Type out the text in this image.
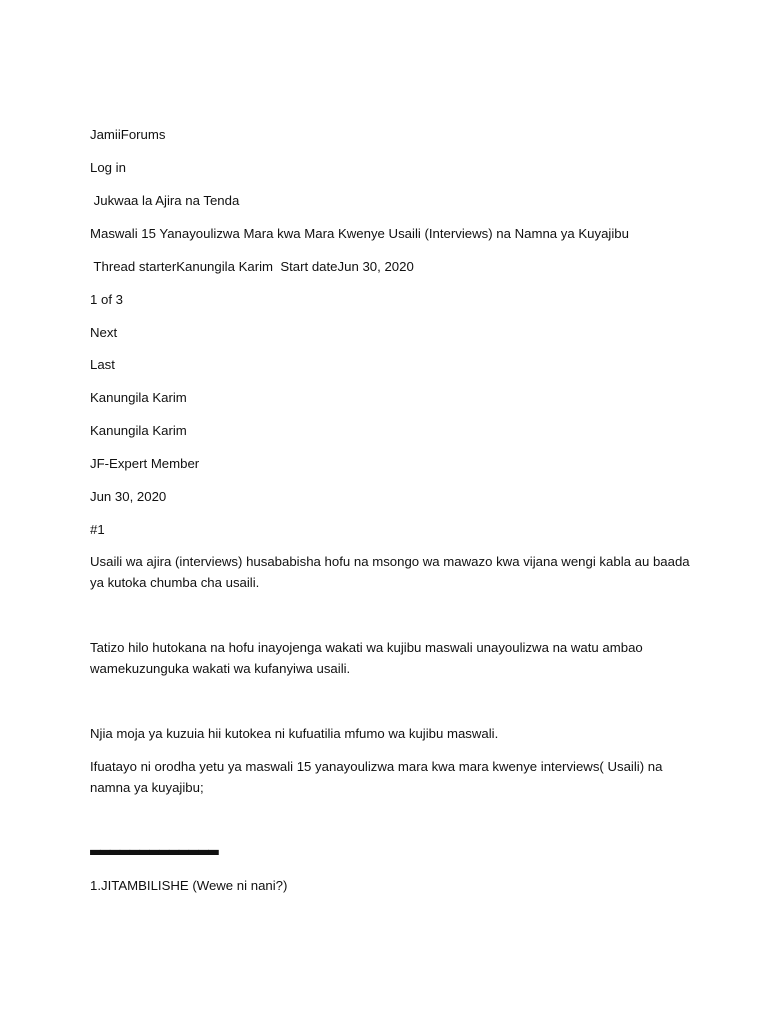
JamiiForums
Log in
Jukwaa la Ajira na Tenda
Maswali 15 Yanayoulizwa Mara kwa Mara Kwenye Usaili (Interviews) na Namna ya Kuyajibu
Thread starterKanungila Karim  Start dateJun 30, 2020
1 of 3
Next
Last
Kanungila Karim
Kanungila Karim
JF-Expert Member
Jun 30, 2020
#1
Usaili wa ajira (interviews) husababisha hofu na msongo wa mawazo kwa vijana wengi kabla au baada ya kutoka chumba cha usaili.
Tatizo hilo hutokana na hofu inayojenga wakati wa kujibu maswali unayoulizwa na watu ambao wamekuzunguka wakati wa kufanyiwa usaili.
Njia moja ya kuzuia hii kutokea ni kufuatilia mfumo wa kujibu maswali.
Ifuatayo ni orodha yetu ya maswali 15 yanayoulizwa mara kwa mara kwenye interviews( Usaili) na namna ya kuyajibu;
▬▬▬▬▬▬▬▬▬▬▬▬▬
1.JITAMBILISHE (Wewe ni nani?)
